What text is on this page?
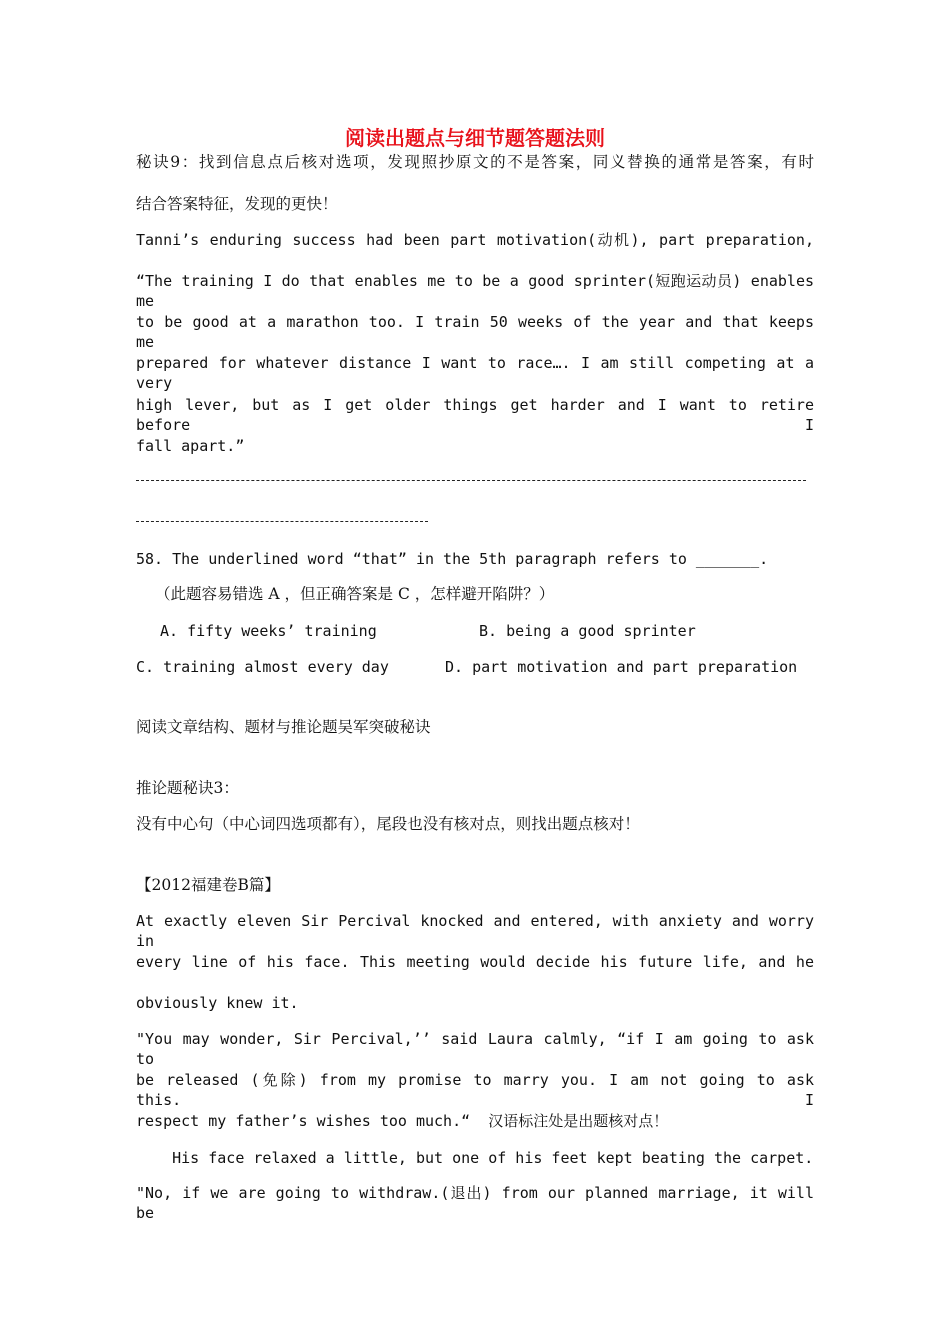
阅读出题点与细节题答题法则
秘诀9：找到信息点后核对选项，发现照抄原文的不是答案，同义替换的通常是答案，有时
结合答案特征，发现的更快！
Tanni’s enduring success had been part motivation(动机), part preparation,
“The training I do that enables me to be a good sprinter(短跑运动员) enables me
to be good at a marathon too. I train 50 weeks of the year and that keeps me
prepared for whatever distance I want to race…. I am still competing at a very
high lever, but as I get older things get harder and I want to retire before I
fall apart.”
58. The underlined word “that” in the 5th paragraph refers to _______.
（此题容易错选 A ，但正确答案是 C ，怎样避开陷阱？）
A. fifty weeks’ training	B. being a good sprinter
C. training almost every day	D. part motivation and part preparation
阅读文章结构、题材与推论题吴军突破秘诀
推论题秘诀3：
没有中心句（中心词四选项都有），尾段也没有核对点，则找出题点核对！
【2012福建卷B篇】
At exactly eleven Sir Percival knocked and entered, with anxiety and worry in
every line of his face. This meeting would decide his future life, and he
obviously knew it.
"You may wonder, Sir Percival,’’ said Laura calmly, “if I am going to ask to
be released (免除) from my promise to marry you. I am not going to ask this. I
respect my father’s wishes too much.“  汉语标注处是出题核对点！
His face relaxed a little, but one of his feet kept beating the carpet.
"No, if we are going to withdraw.(退出) from our planned marriage, it will be
